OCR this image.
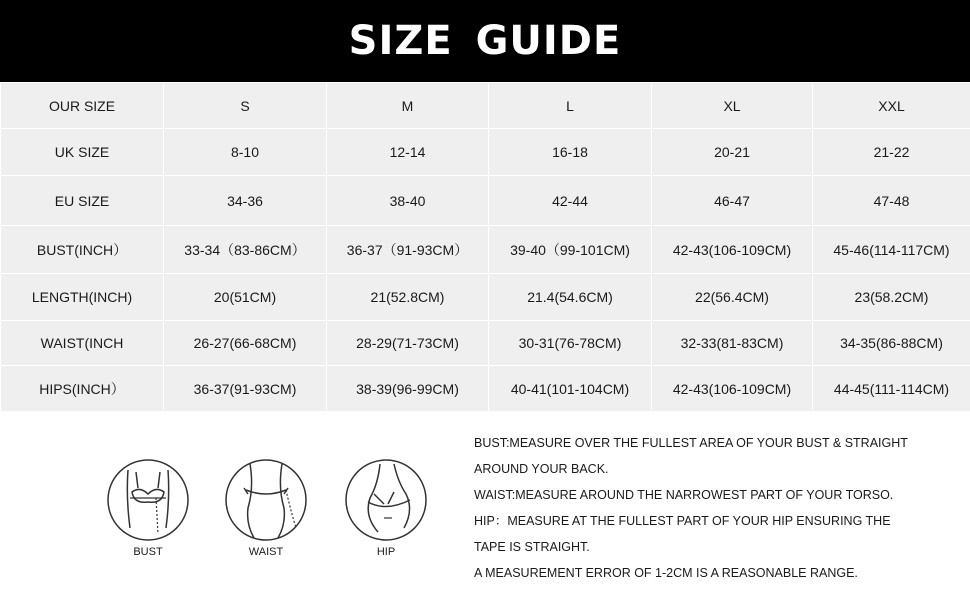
SIZE GUIDE
OUR SIZE	S	M	L	XL	XXL
UK SIZE	8-10	12-14	16-18	20-21	21-22
EU SIZE	34-36	38-40	42-44	46-47	47-48
BUST(INCH）	33-34（83-86CM）	36-37（91-93CM）	39-40（99-101CM)	42-43(106-109CM)	45-46(114-117CM)
LENGTH(INCH)	20(51CM)	21(52.8CM)	21.4(54.6CM)	22(56.4CM)	23(58.2CM)
WAIST(INCH	26-27(66-68CM)	28-29(71-73CM)	30-31(76-78CM)	32-33(81-83CM)	34-35(86-88CM)
HIPS(INCH）	36-37(91-93CM)	38-39(96-99CM)	40-41(101-104CM)	42-43(106-109CM)	44-45(111-114CM)
BUST	WAIST	HIP
BUST:MEASURE OVER THE FULLEST AREA OF YOUR BUST & STRAIGHT
AROUND YOUR BACK.
WAIST:MEASURE AROUND THE NARROWEST PART OF YOUR TORSO.
HIP：MEASURE AT THE FULLEST PART OF YOUR HIP ENSURING THE
TAPE IS STRAIGHT.
A MEASUREMENT ERROR OF 1-2CM IS A REASONABLE RANGE.
